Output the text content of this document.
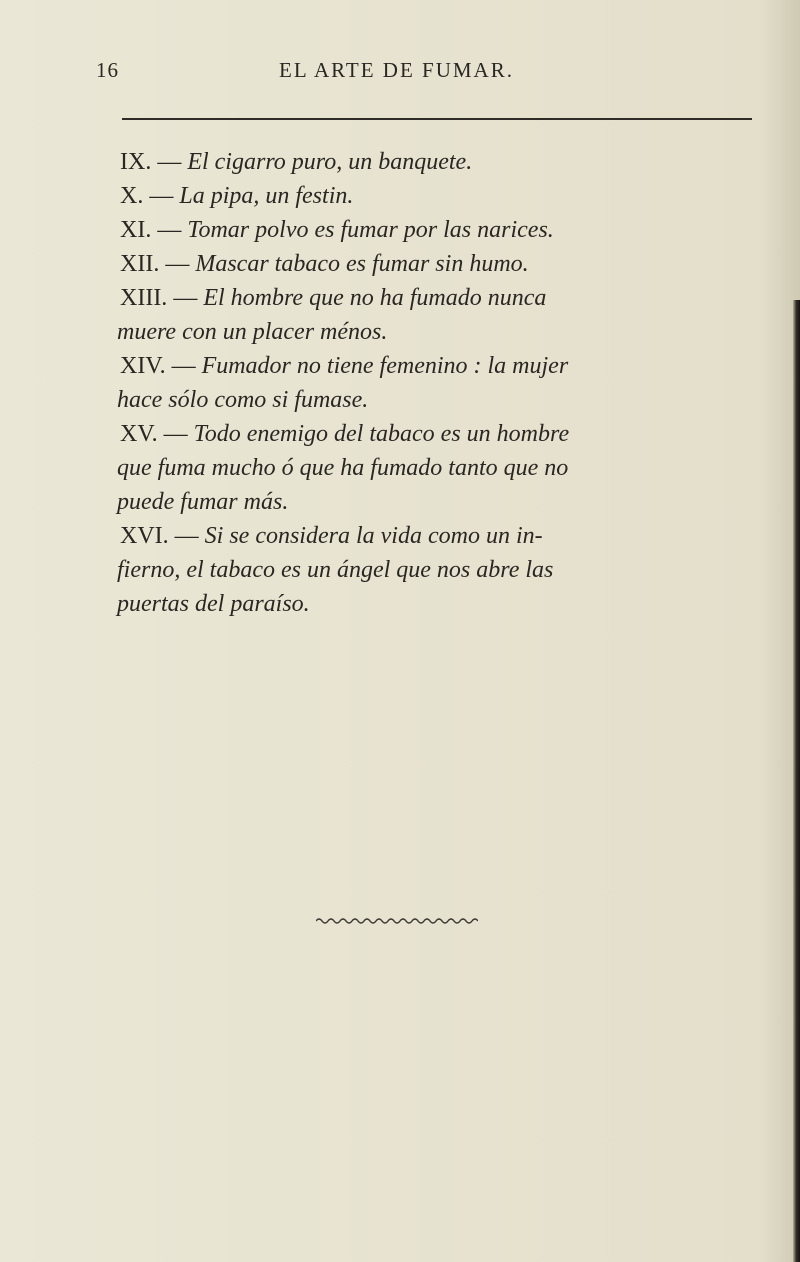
16	EL ARTE DE FUMAR.
IX. — El cigarro puro, un banquete.
X. — La pipa, un festin.
XI. — Tomar polvo es fumar por las narices.
XII. — Mascar tabaco es fumar sin humo.
XIII. — El hombre que no ha fumado nunca
muere con un placer ménos.
XIV. — Fumador no tiene femenino : la mujer
hace sólo como si fumase.
XV. — Todo enemigo del tabaco es un hombre
que fuma mucho ó que ha fumado tanto que no
puede fumar más.
XVI. — Si se considera la vida como un in-
fierno, el tabaco es un ángel que nos abre las
puertas del paraíso.
